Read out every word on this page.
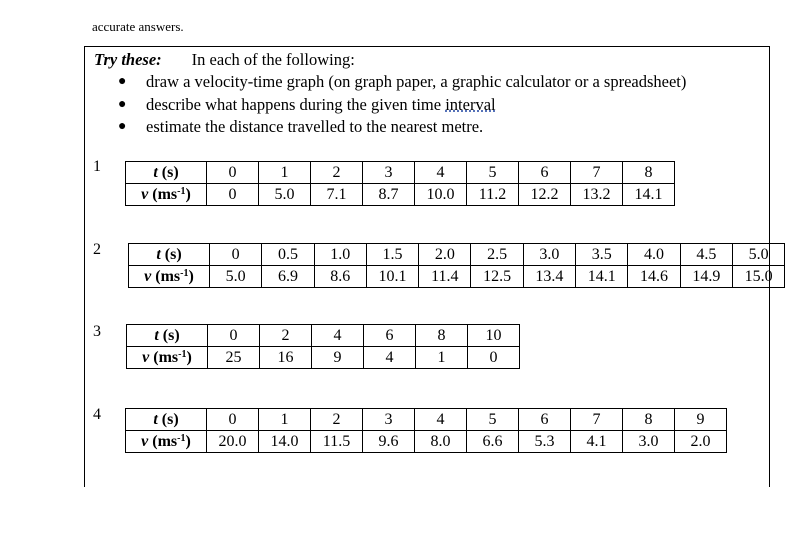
accurate answers.
Try these: In each of the following:
● draw a velocity-time graph (on graph paper, a graphic calculator or a spreadsheet)
● describe what happens during the given time interval
● estimate the distance travelled to the nearest metre.
1	t (s)	0	1	2	3	4	5	6	7	8
v $(ms^{-1})$	0	5.0	7.1	8.7	10.0	11.2	12.2	13.2	14.1
2	t (s)	0	0.5	1.0	1.5	2.0	2.5	3.0	3.5	4.0	4.5	5.0
v $(ms^{-1})$	5.0	6.9	8.6	10.1	11.4	12.5	13.4	14.1	14.6	14.9	15.0
3	t (s)	0	2	4	6	8	10
v $(ms^{-1})$	25	16	9	4	1	0
4	t (s)	0	1	2	3	4	5	6	7	8	9
v $(ms^{-1})$	20.0	14.0	11.5	9.6	8.0	6.6	5.3	4.1	3.0	2.0
